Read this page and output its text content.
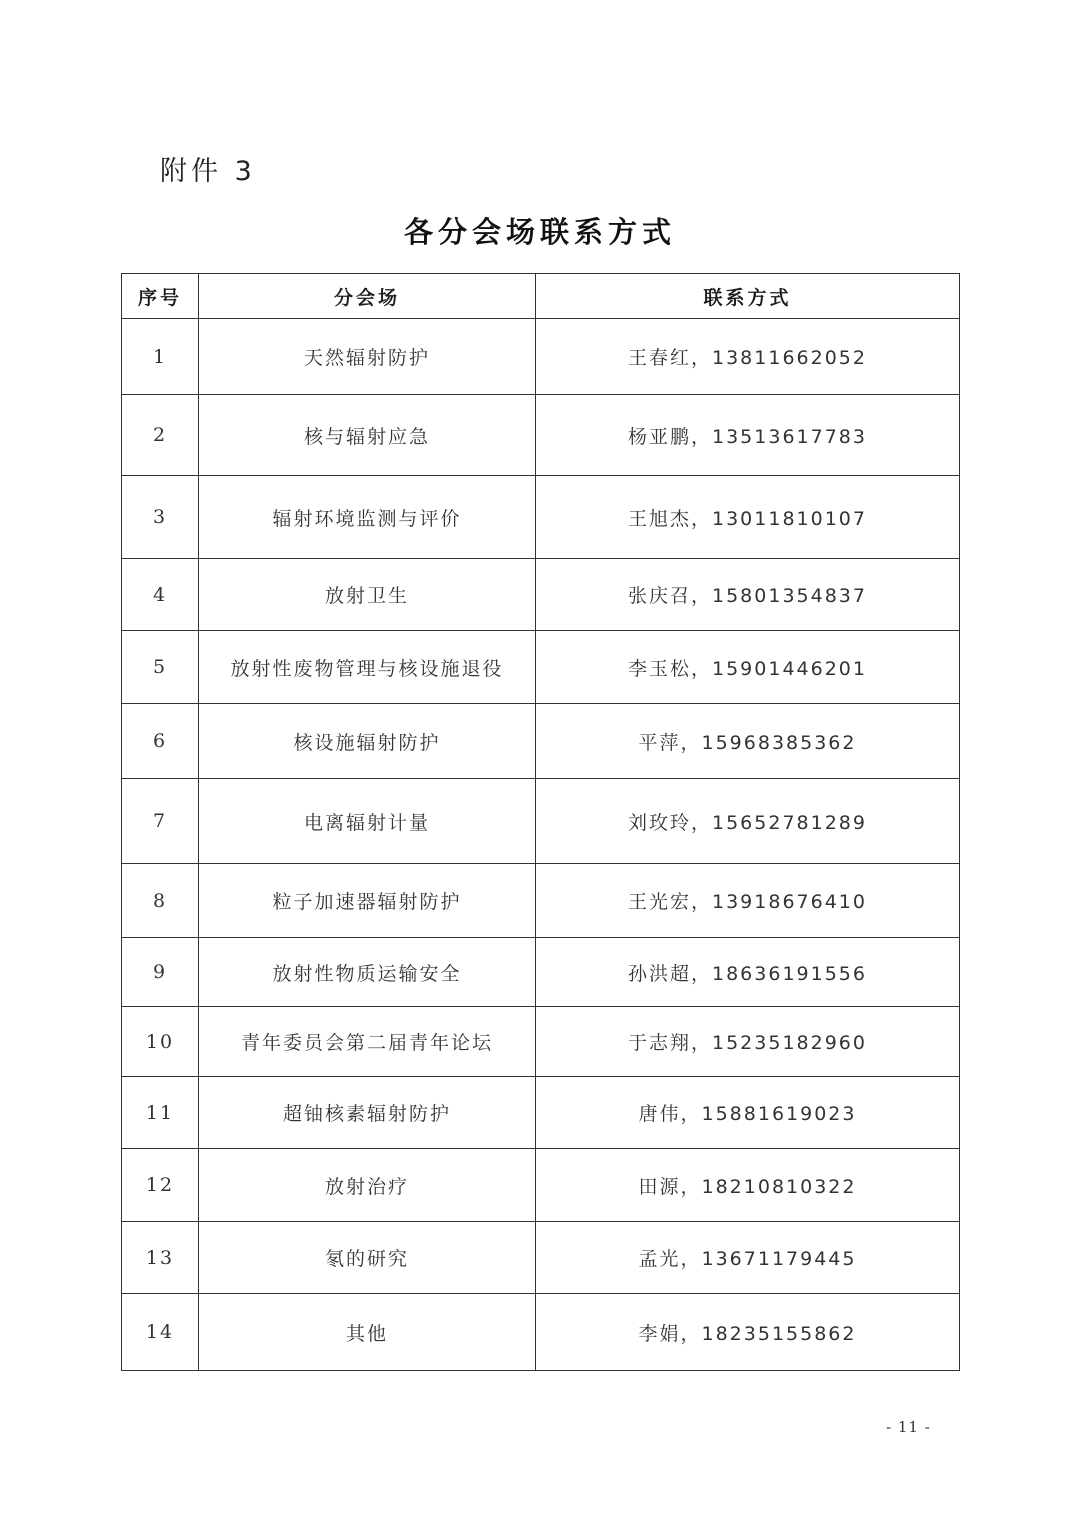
附件 3
各分会场联系方式
序号	分会场	联系方式
1	天然辐射防护	王春红，13811662052
2	核与辐射应急	杨亚鹏，13513617783
3	辐射环境监测与评价	王旭杰，13011810107
4	放射卫生	张庆召，15801354837
5	放射性废物管理与核设施退役	李玉松，15901446201
6	核设施辐射防护	平萍，15968385362
7	电离辐射计量	刘玫玲，15652781289
8	粒子加速器辐射防护	王光宏，13918676410
9	放射性物质运输安全	孙洪超，18636191556
10	青年委员会第二届青年论坛	于志翔，15235182960
11	超铀核素辐射防护	唐伟，15881619023
12	放射治疗	田源，18210810322
13	氡的研究	孟光，13671179445
14	其他	李娟，18235155862
- 11 -
